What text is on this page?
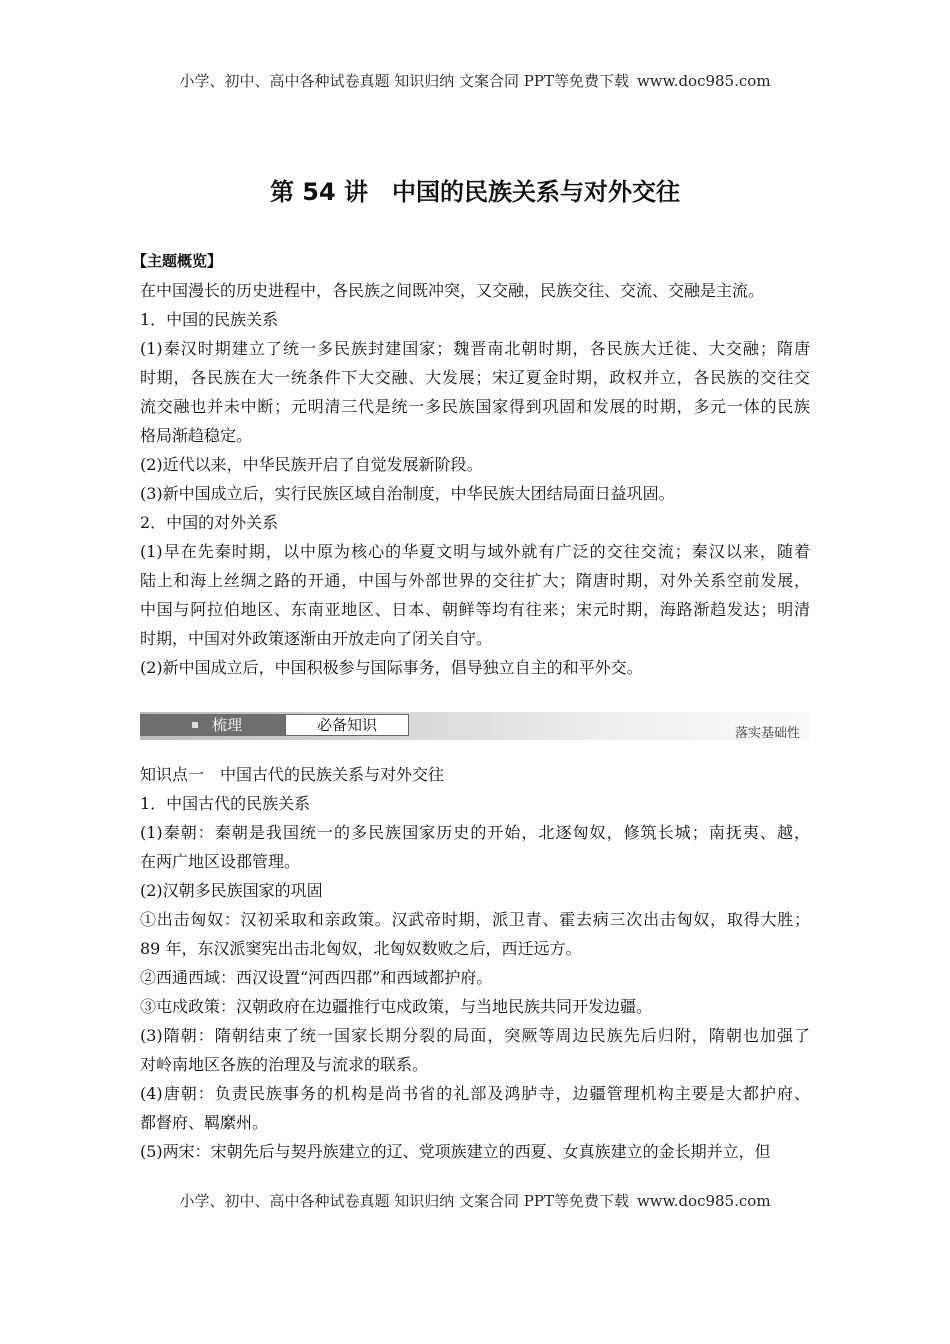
小学、初中、高中各种试卷真题 知识归纳 文案合同 PPT等免费下载 www.doc985.com
第 54 讲　中国的民族关系与对外交往
【主题概览】
在中国漫长的历史进程中，各民族之间既冲突，又交融，民族交往、交流、交融是主流。
1．中国的民族关系
(1)秦汉时期建立了统一多民族封建国家；魏晋南北朝时期，各民族大迁徙、大交融；隋唐
时期，各民族在大一统条件下大交融、大发展；宋辽夏金时期，政权并立，各民族的交往交
流交融也并未中断；元明清三代是统一多民族国家得到巩固和发展的时期，多元一体的民族
格局渐趋稳定。
(2)近代以来，中华民族开启了自觉发展新阶段。
(3)新中国成立后，实行民族区域自治制度，中华民族大团结局面日益巩固。
2．中国的对外关系
(1)早在先秦时期，以中原为核心的华夏文明与域外就有广泛的交往交流；秦汉以来，随着
陆上和海上丝绸之路的开通，中国与外部世界的交往扩大；隋唐时期，对外关系空前发展，
中国与阿拉伯地区、东南亚地区、日本、朝鲜等均有往来；宋元时期，海路渐趋发达；明清
时期，中国对外政策逐渐由开放走向了闭关自守。
(2)新中国成立后，中国积极参与国际事务，倡导独立自主的和平外交。
梳理	必备知识	落实基础性
知识点一　中国古代的民族关系与对外交往
1．中国古代的民族关系
(1)秦朝：秦朝是我国统一的多民族国家历史的开始，北逐匈奴，修筑长城；南抚夷、越，
在两广地区设郡管理。
(2)汉朝多民族国家的巩固
①出击匈奴：汉初采取和亲政策。汉武帝时期，派卫青、霍去病三次出击匈奴，取得大胜；
89 年，东汉派窦宪出击北匈奴，北匈奴数败之后，西迁远方。
②西通西域：西汉设置“河西四郡”和西域都护府。
③屯戍政策：汉朝政府在边疆推行屯戍政策，与当地民族共同开发边疆。
(3)隋朝：隋朝结束了统一国家长期分裂的局面，突厥等周边民族先后归附，隋朝也加强了
对岭南地区各族的治理及与流求的联系。
(4)唐朝：负责民族事务的机构是尚书省的礼部及鸿胪寺，边疆管理机构主要是大都护府、
都督府、羁縻州。
(5)两宋：宋朝先后与契丹族建立的辽、党项族建立的西夏、女真族建立的金长期并立，但
小学、初中、高中各种试卷真题 知识归纳 文案合同 PPT等免费下载 www.doc985.com
